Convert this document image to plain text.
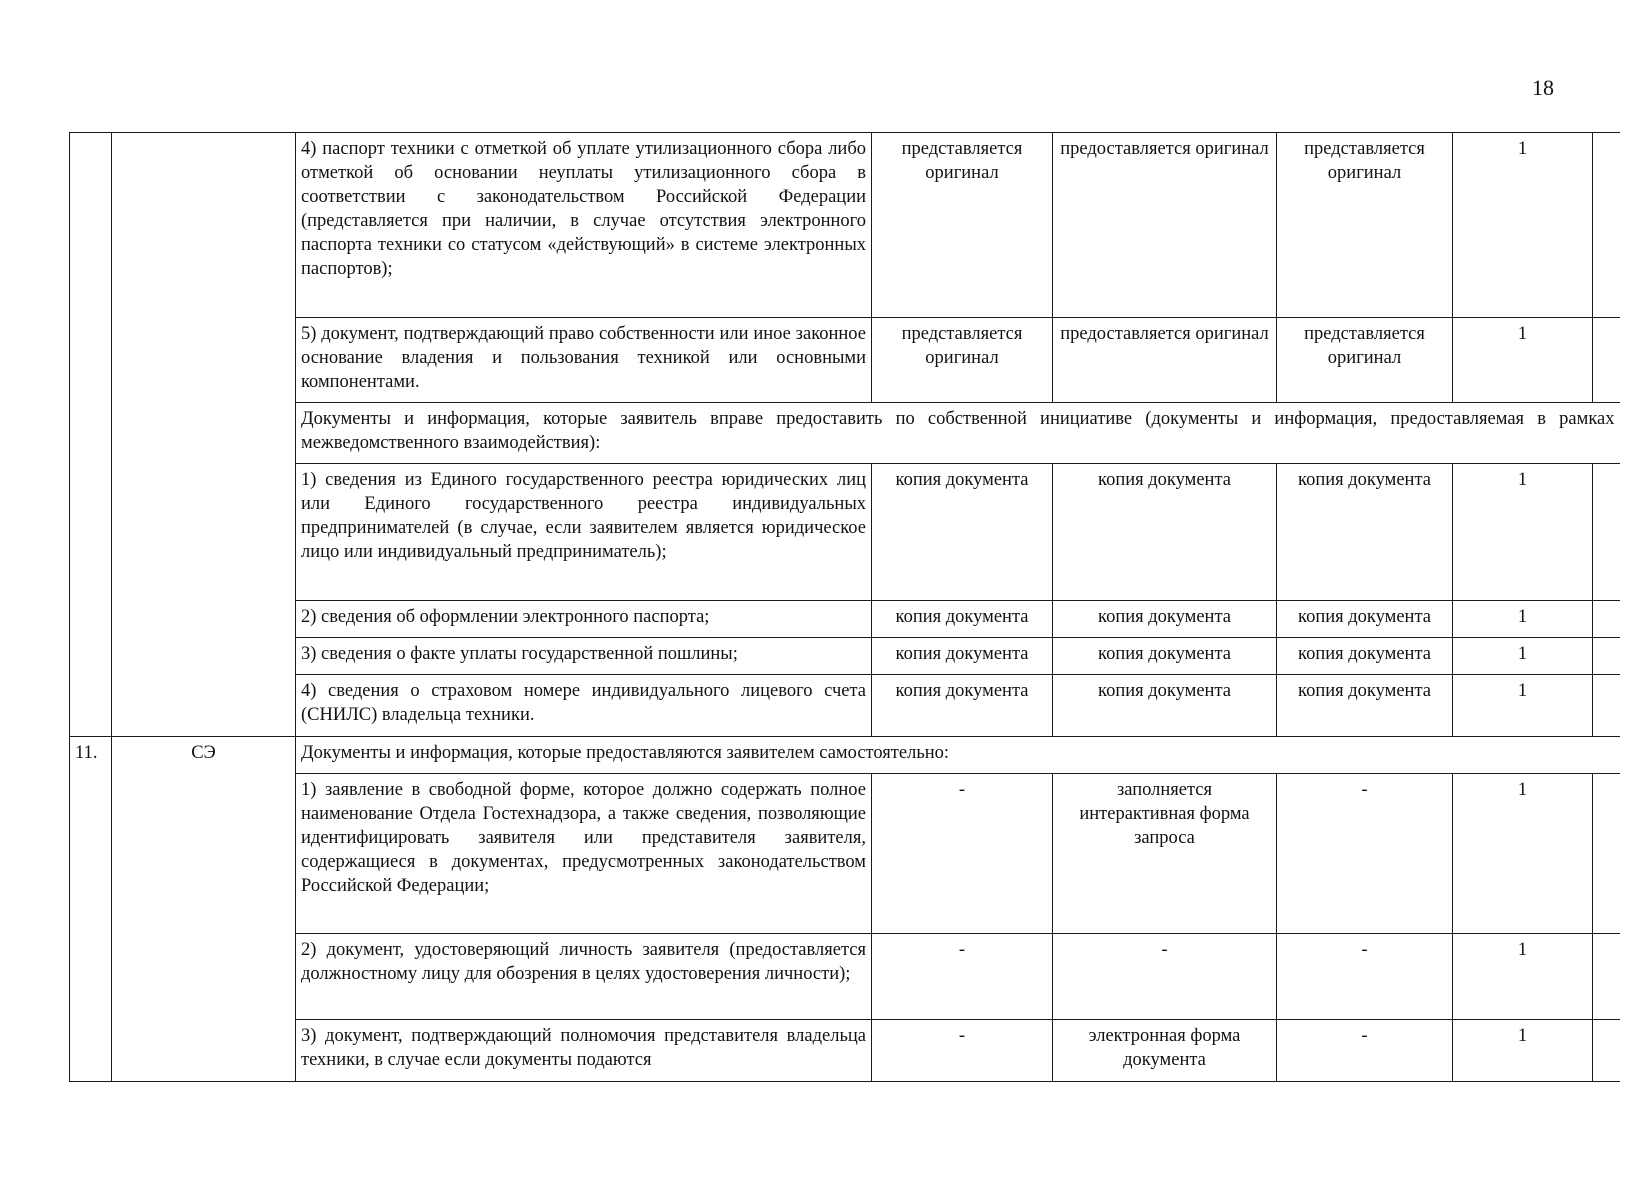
18

		4) паспорт техники с отметкой об уплате утилизационного сбора либо отметкой об основании неуплаты утилизационного сбора в соответствии с законодательством Российской Федерации (представляется при наличии, в случае отсутствия электронного паспорта техники со статусом «действующий» в системе электронных паспортов);	представляется оригинал	предоставляется оригинал	представляется оригинал	1	

		5) документ, подтверждающий право собственности или иное законное основание владения и пользования техникой или основными компонентами.	представляется оригинал	предоставляется оригинал	представляется оригинал	1	
		Документы и информация, которые заявитель вправе предоставить по собственной инициативе (документы и информация, предоставляемая в рамках межведомственного взаимодействия):					

		1) сведения из Единого государственного реестра юридических лиц или Единого государственного реестра индивидуальных предпринимателей (в случае, если заявителем является юридическое лицо или индивидуальный предприниматель);	копия документа	копия документа	копия документа	1	

		2) сведения об оформлении электронного паспорта;	копия документа	копия документа	копия документа	1	

		3) сведения о факте уплаты государственной пошлины;	копия документа	копия документа	копия документа	1	

		4) сведения о страховом номере индивидуального лицевого счета (СНИЛС) владельца техники.	копия документа	копия документа	копия документа	1	
11.	СЭ	Документы и информация, которые предоставляются заявителем самостоятельно:					

		1) заявление в свободной форме, которое должно содержать полное наименование Отдела Гостехнадзора, а также сведения, позволяющие идентифицировать заявителя или представителя заявителя, содержащиеся в документах, предусмотренных законодательством Российской Федерации;	-	заполняется интерактивная форма запроса	-	1	

		2) документ, удостоверяющий личность заявителя (предоставляется должностному лицу для обозрения в целях удостоверения личности);	-	-	-	1	

		3) документ, подтверждающий полномочия представителя владельца техники, в случае если документы подаются	-	электронная форма документа	-	1	
